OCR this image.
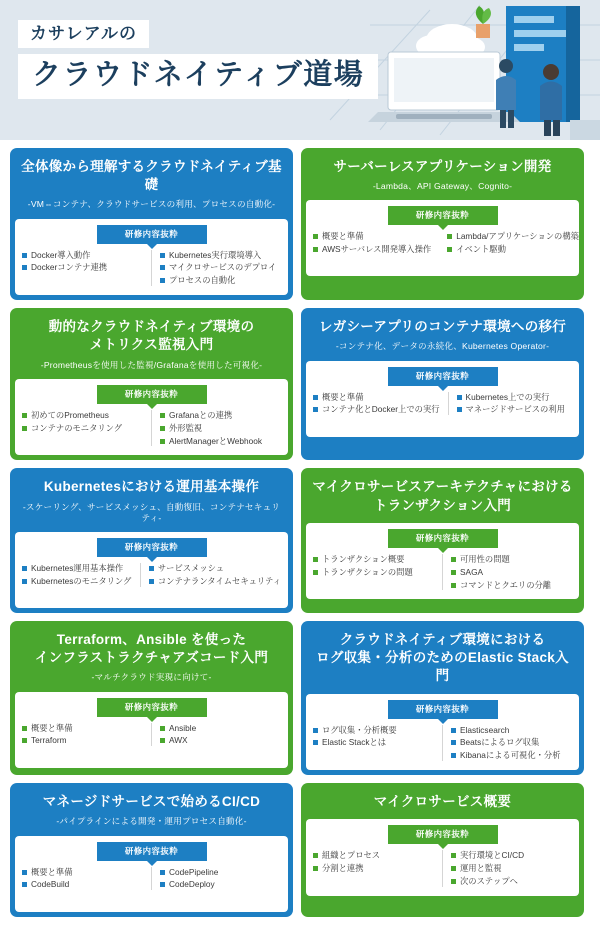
カサレアルの
クラウドネイティブ道場
全体像から理解するクラウドネイティブ基礎
-VM⇔コンテナ、クラウドサービスの利用、プロセスの自動化-
研修内容抜粋
Docker導入動作
Dockerコンテナ連携
Kubernetes実行環境導入
マイクロサービスのデプロイ
プロセスの自動化
サーバーレスアプリケーション開発
-Lambda、API Gateway、Cognito-
研修内容抜粋
概要と準備
AWSサーバレス開発導入操作
Lambda/アプリケーションの構築
イベント駆動
動的なクラウドネイティブ環境の
メトリクス監視入門
-Prometheusを使用した監視/Grafanaを使用した可視化-
研修内容抜粋
初めてのPrometheus
コンテナのモニタリング
Grafanaとの連携
外形監視
AlertManagerとWebhook
レガシーアプリのコンテナ環境への移行
-コンテナ化、データの永続化、Kubernetes Operator-
研修内容抜粋
概要と準備
コンテナ化とDocker上での実行
Kubernetes上での実行
マネージドサービスの利用
Kubernetesにおける運用基本操作
-スケーリング、サービスメッシュ、自動復旧、コンテナセキュリティ-
研修内容抜粋
Kubernetes運用基本操作
Kubernetesのモニタリング
サービスメッシュ
コンテナランタイムセキュリティ
マイクロサービスアーキテクチャにおける
トランザクション入門
研修内容抜粋
トランザクション概要
トランザクションの問題
可用性の問題
SAGA
コマンドとクエリの分離
Terraform、Ansible を使った
インフラストラクチャアズコード入門
-マルチクラウド実現に向けて-
研修内容抜粋
概要と準備
Terraform
Ansible
AWX
クラウドネイティブ環境における
ログ収集・分析のためのElastic Stack入門
研修内容抜粋
ログ収集・分析概要
Elastic Stackとは
Elasticsearch
Beatsによるログ収集
Kibanaによる可視化・分析
マネージドサービスで始めるCI/CD
-パイプラインによる開発・運用プロセス自動化-
研修内容抜粋
概要と準備
CodeBuild
CodePipeline
CodeDeploy
マイクロサービス概要
研修内容抜粋
組織とプロセス
分割と連携
実行環境とCI/CD
運用と監視
次のステップへ
